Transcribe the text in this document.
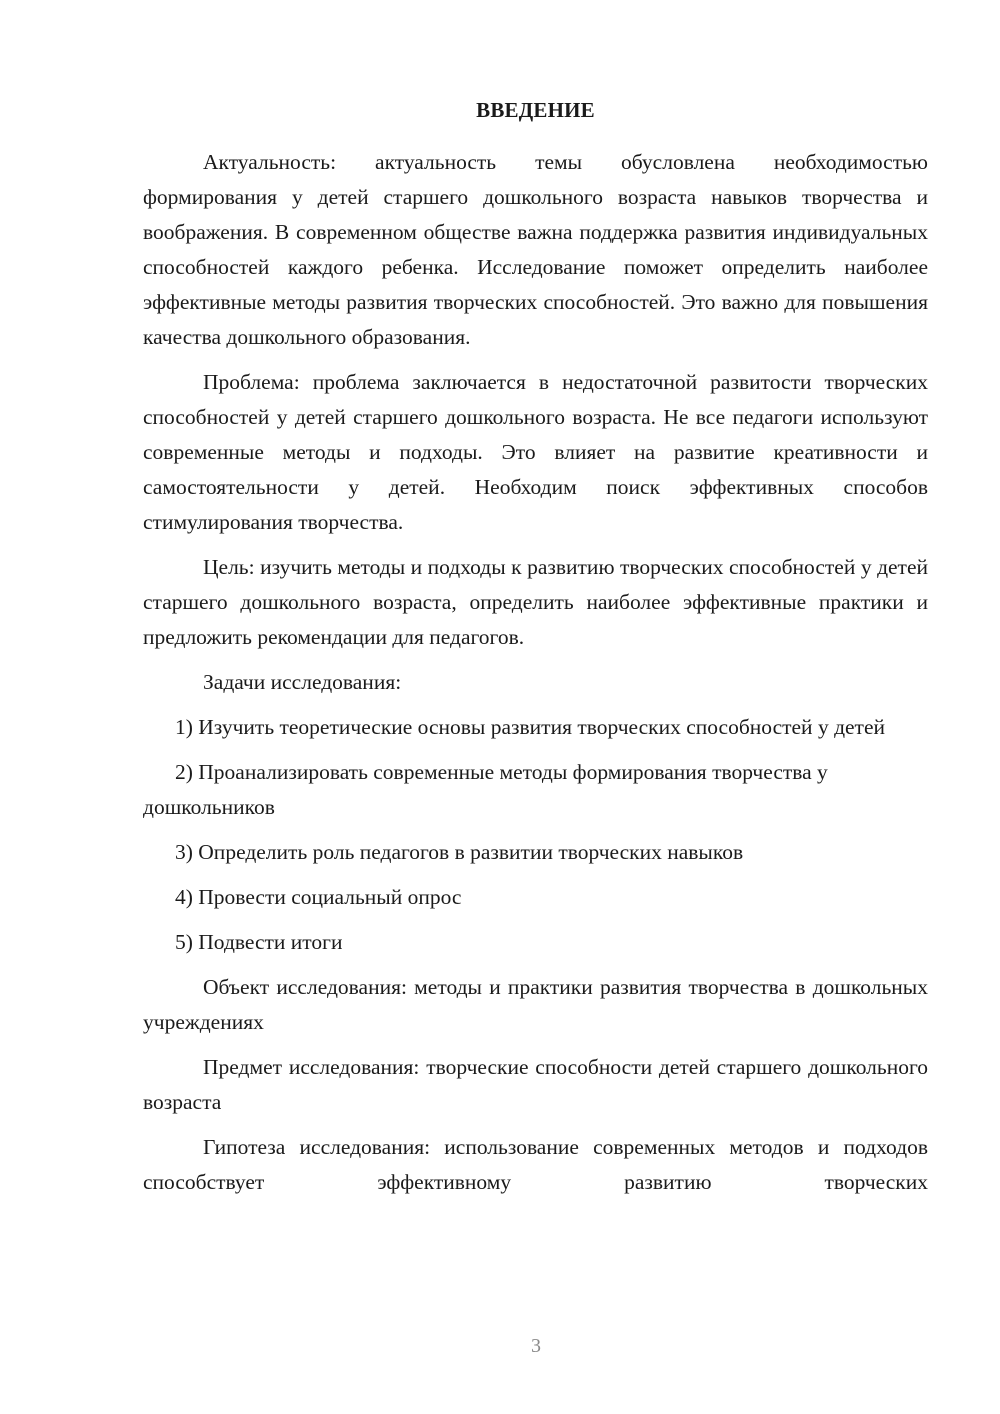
ВВЕДЕНИЕ

Актуальность: актуальность темы обусловлена необходимостью формирования у детей старшего дошкольного возраста навыков творчества и воображения. В современном обществе важна поддержка развития индивидуальных способностей каждого ребенка. Исследование поможет определить наиболее эффективные методы развития творческих способностей. Это важно для повышения качества дошкольного образования.

Проблема: проблема заключается в недостаточной развитости творческих способностей у детей старшего дошкольного возраста. Не все педагоги используют современные методы и подходы. Это влияет на развитие креативности и самостоятельности у детей. Необходим поиск эффективных способов стимулирования творчества.

Цель: изучить методы и подходы к развитию творческих способностей у детей старшего дошкольного возраста, определить наиболее эффективные практики и предложить рекомендации для педагогов.

Задачи исследования:

1) Изучить теоретические основы развития творческих способностей у детей

2) Проанализировать современные методы формирования творчества у дошкольников

3) Определить роль педагогов в развитии творческих навыков

4) Провести социальный опрос

5) Подвести итоги

Объект исследования: методы и практики развития творчества в дошкольных учреждениях

Предмет исследования: творческие способности детей старшего дошкольного возраста

Гипотеза исследования: использование современных методов и подходов способствует эффективному развитию творческих

3
